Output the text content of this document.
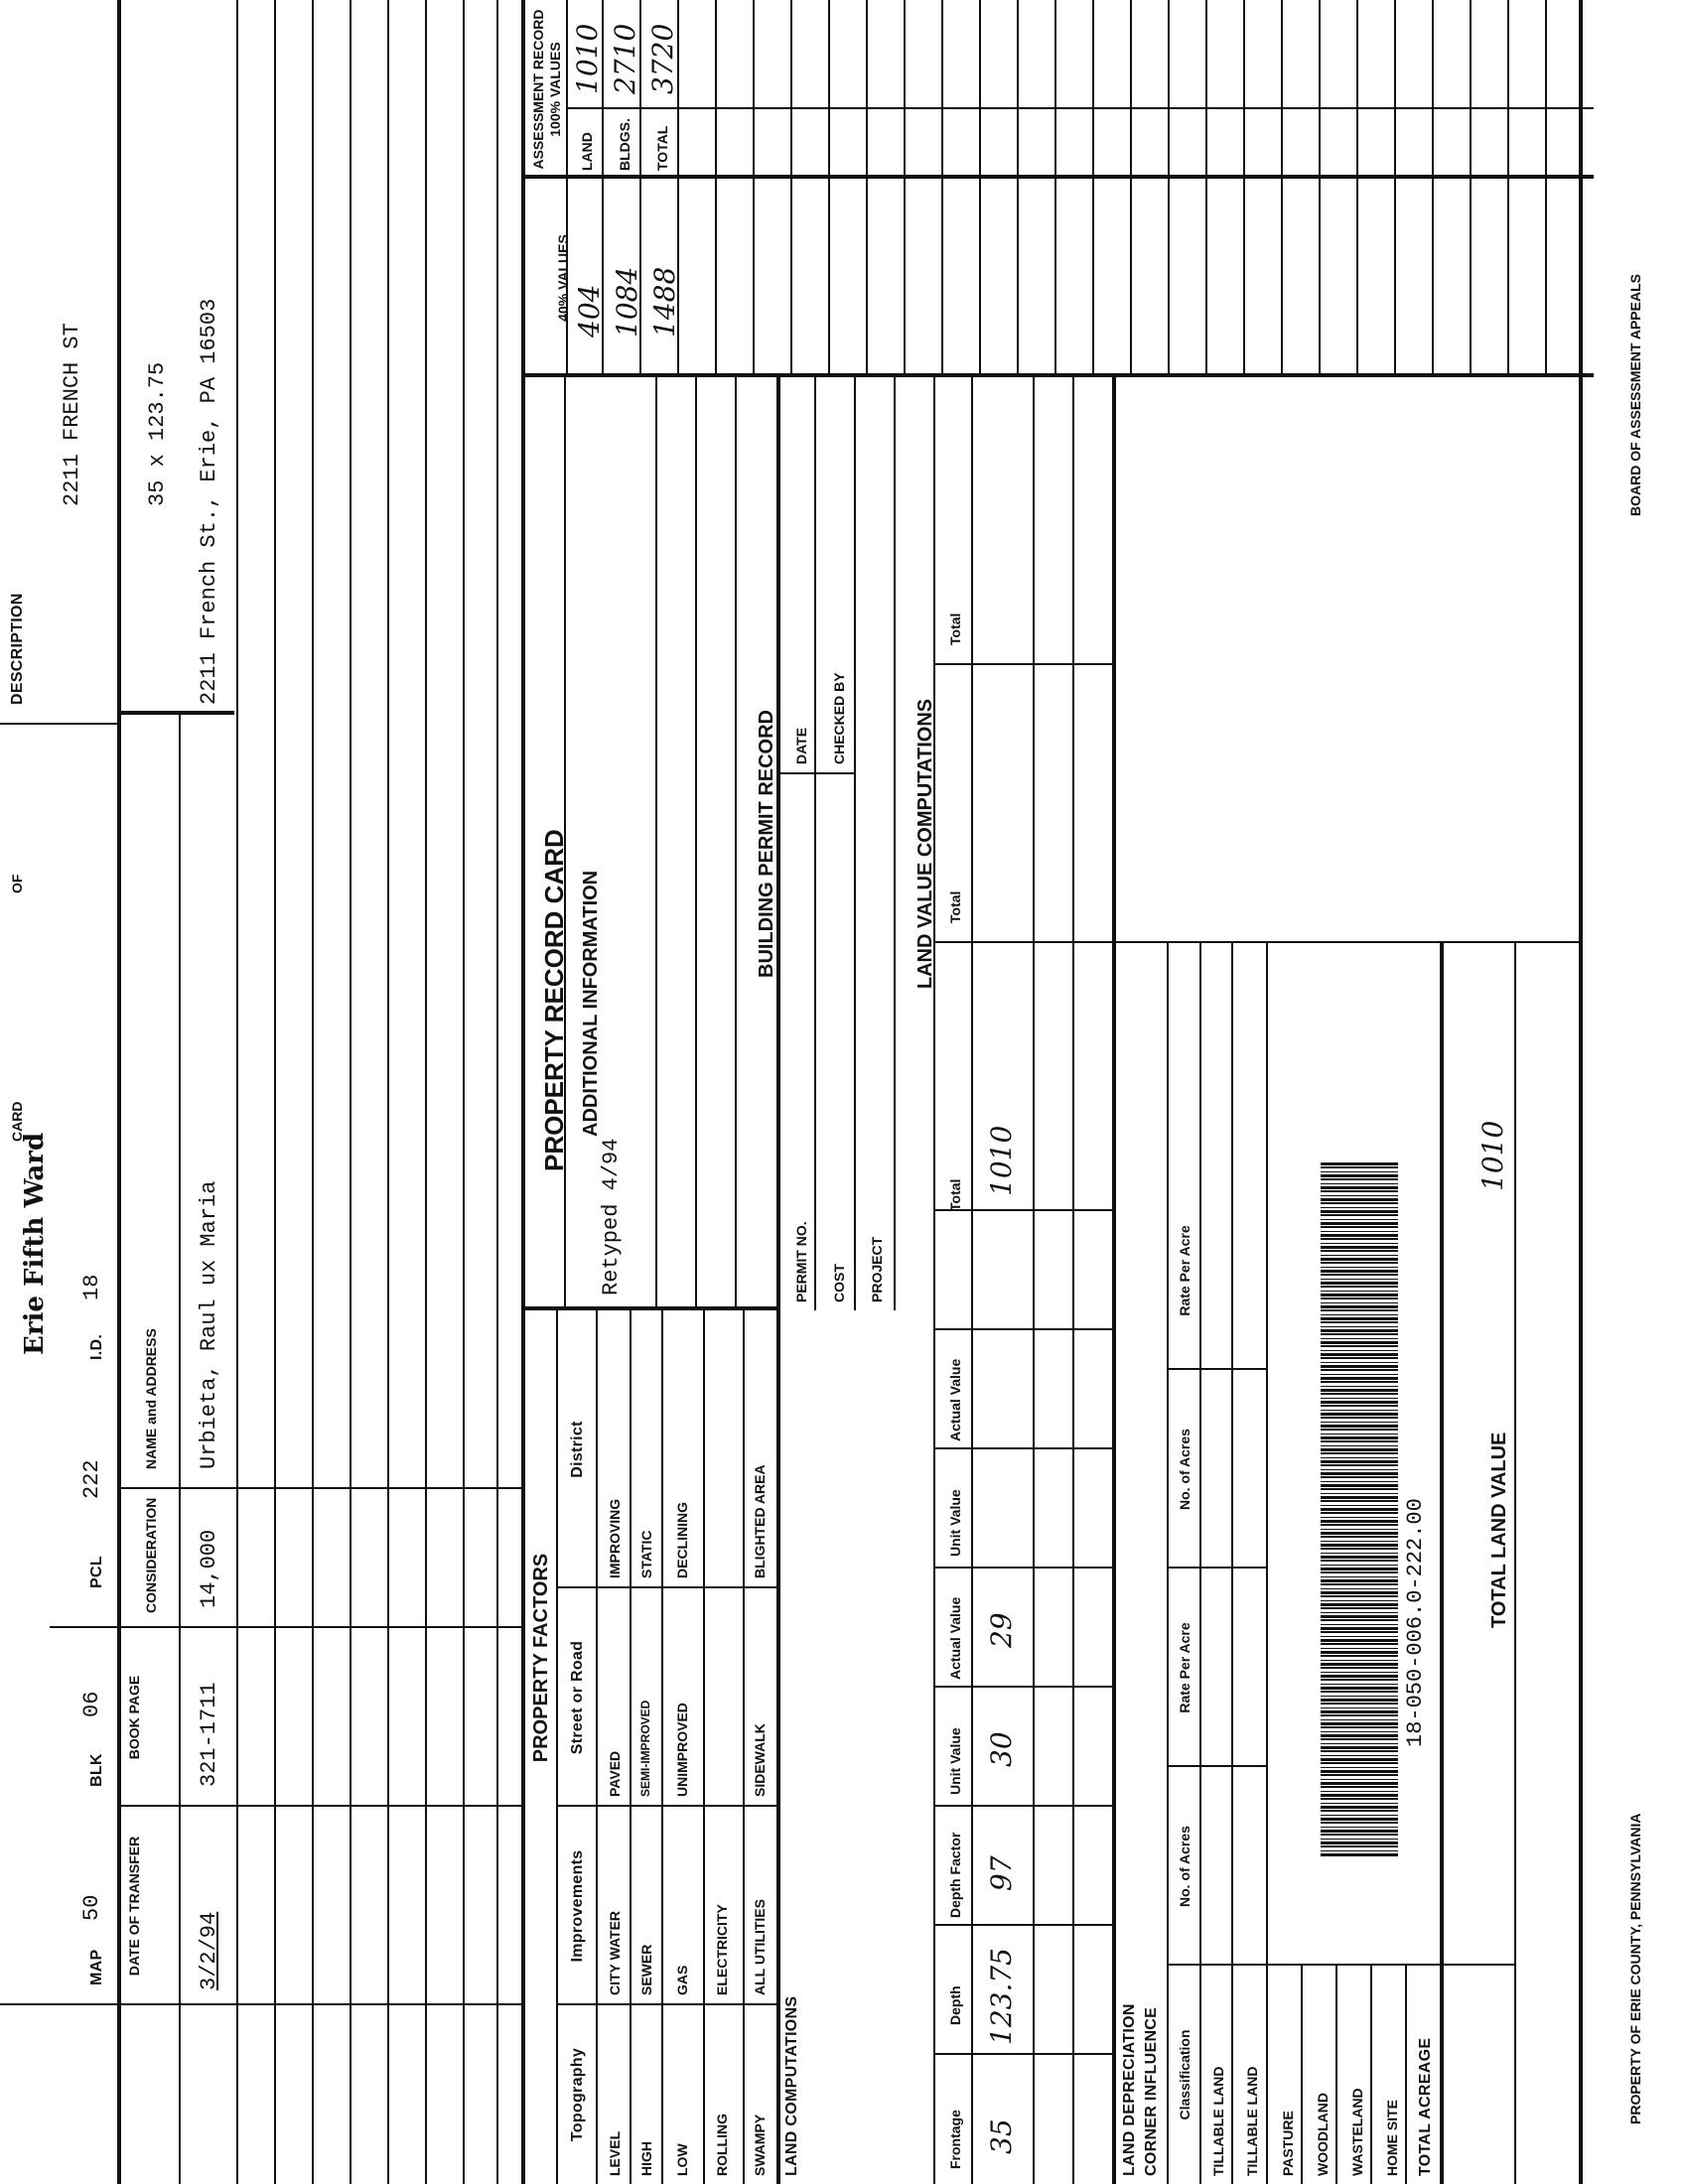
CARD
OF
MAP
50
BLK
06
PCL
222
I.D.
18
Erie Fifth Ward
DESCRIPTION
2211 FRENCH ST	35 x 123.75
DATE OF TRANSFER
BOOK PAGE
CONSIDERATION
NAME and ADDRESS
3/2/94
321-1711
14,000
Urbieta, Raul ux Maria
2211 French St., Erie, PA 16503
PROPERTY FACTORS
Topography
Improvements
Street or Road
District
LEVEL HIGH LOW ROLLING SWAMPY
CITY WATER SEWER GAS ELECTRICITY ALL UTILITIES
PAVED SEMI-IMPROVED UNIMPROVED	SIDEWALK
IMPROVING STATIC DECLINING	BLIGHTED AREA
PROPERTY RECORD CARD ADDITIONAL INFORMATION
Retyped 4/94
BUILDING PERMIT RECORD
PERMIT NO.
DATE
COST
CHECKED BY
PROJECT
LAND COMPUTATIONS
LAND VALUE COMPUTATIONS
Frontage
Depth
Depth Factor
Unit Value
Actual Value
Unit Value
Actual Value
Total
Total
Total
35
123.75
97
30
29
1010
LAND DEPRECIATION CORNER INFLUENCE Classification
No. of Acres
Rate Per Acre
No. of Acres
Rate Per Acre
TILLABLE LAND TILLABLE LAND PASTURE WOODLAND WASTELAND HOME SITE TOTAL ACREAGE
18-050-006.0-222.00	TOTAL LAND VALUE
1010
40% VALUES 404 1084 1488
ASSESSMENT RECORD 100% VALUES
LAND BLDGS. TOTAL
1010 2710 3720
PROPERTY OF ERIE COUNTY, PENNSYLVANIA
BOARD OF ASSESSMENT APPEALS
